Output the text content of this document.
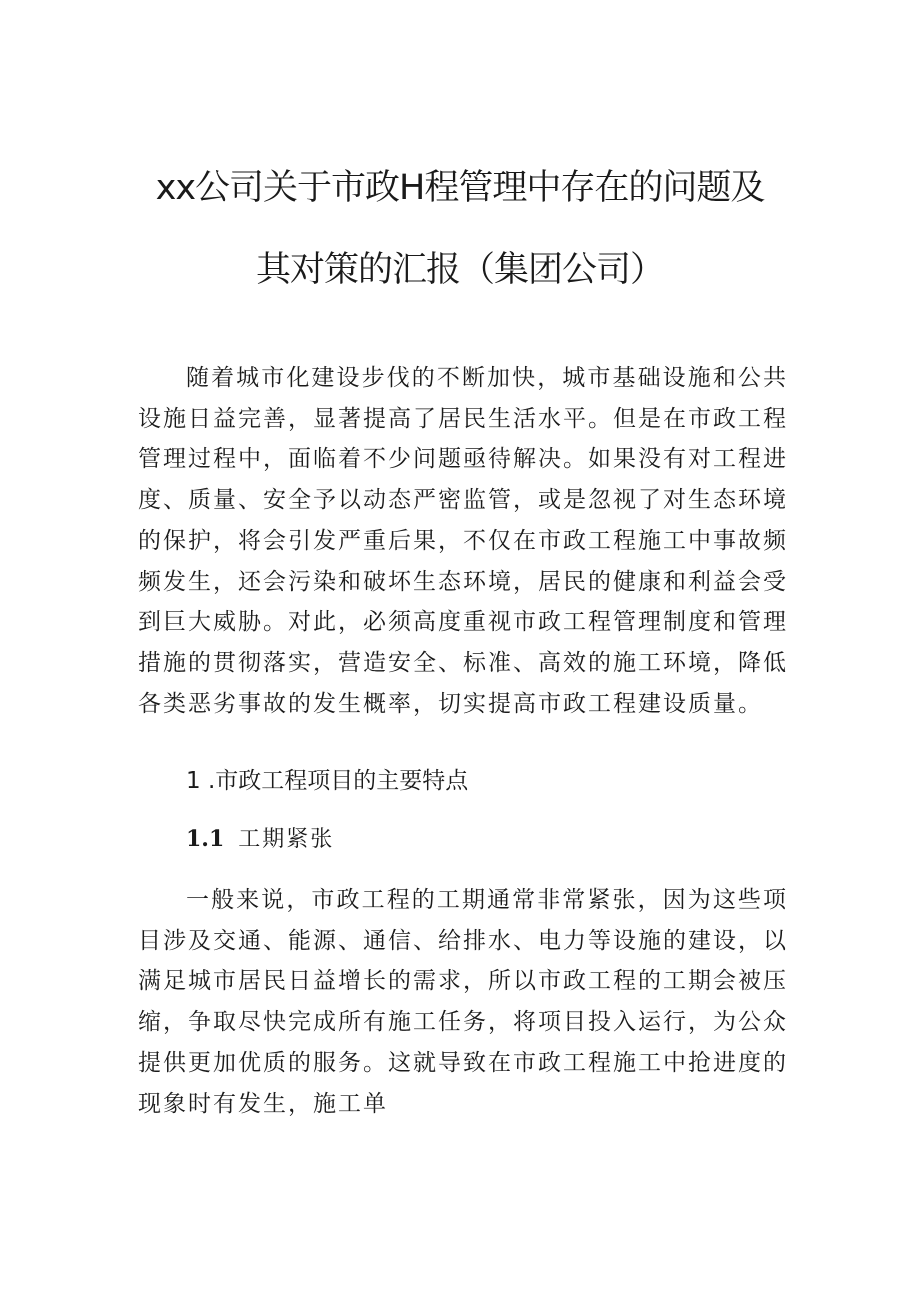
xx公司关于市政H程管理中存在的问题及
其对策的汇报（集团公司）

随着城市化建设步伐的不断加快，城市基础设施和公共设施日益完善，显著提高了居民生活水平。但是在市政工程管理过程中，面临着不少问题亟待解决。如果没有对工程进度、质量、安全予以动态严密监管，或是忽视了对生态环境的保护，将会引发严重后果，不仅在市政工程施工中事故频频发生，还会污染和破坏生态环境，居民的健康和利益会受到巨大威胁。对此，必须高度重视市政工程管理制度和管理措施的贯彻落实，营造安全、标准、高效的施工环境，降低各类恶劣事故的发生概率，切实提高市政工程建设质量。

1 .市政工程项目的主要特点
1.1 工期紧张

一般来说，市政工程的工期通常非常紧张，因为这些项目涉及交通、能源、通信、给排水、电力等设施的建设，以满足城市居民日益增长的需求，所以市政工程的工期会被压缩，争取尽快完成所有施工任务，将项目投入运行，为公众提供更加优质的服务。这就导致在市政工程施工中抢进度的现象时有发生，施工单
